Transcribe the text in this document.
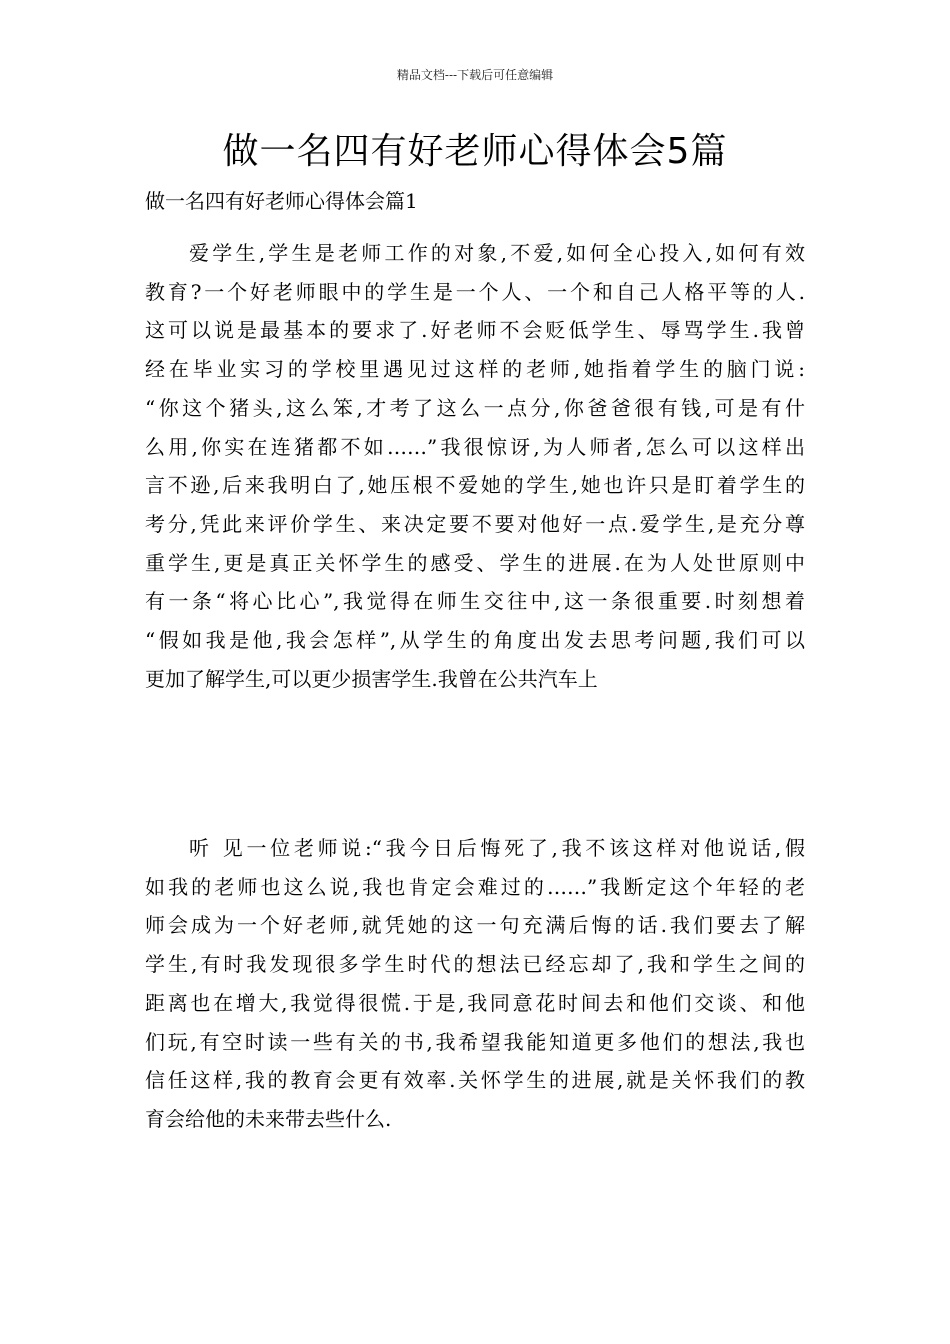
精品文档---下载后可任意编辑
做一名四有好老师心得体会5篇
做一名四有好老师心得体会篇1
爱学生,学生是老师工作的对象,不爱,如何全心投入,如何有效
教育?一个好老师眼中的学生是一个人、一个和自己人格平等的人.
这可以说是最基本的要求了.好老师不会贬低学生、辱骂学生.我曾
经在毕业实习的学校里遇见过这样的老师,她指着学生的脑门说:
“你这个猪头,这么笨,才考了这么一点分,你爸爸很有钱,可是有什
么用,你实在连猪都不如……”我很惊讶,为人师者,怎么可以这样出
言不逊,后来我明白了,她压根不爱她的学生,她也许只是盯着学生的
考分,凭此来评价学生、来决定要不要对他好一点.爱学生,是充分尊
重学生,更是真正关怀学生的感受、学生的进展.在为人处世原则中
有一条“将心比心”,我觉得在师生交往中,这一条很重要.时刻想着
“假如我是他,我会怎样”,从学生的角度出发去思考问题,我们可以
更加了解学生,可以更少损害学生.我曾在公共汽车上
听 见一位老师说:“我今日后悔死了,我不该这样对他说话,假
如我的老师也这么说,我也肯定会难过的……”我断定这个年轻的老
师会成为一个好老师,就凭她的这一句充满后悔的话.我们要去了解
学生,有时我发现很多学生时代的想法已经忘却了,我和学生之间的
距离也在增大,我觉得很慌.于是,我同意花时间去和他们交谈、和他
们玩,有空时读一些有关的书,我希望我能知道更多他们的想法,我也
信任这样,我的教育会更有效率.关怀学生的进展,就是关怀我们的教
育会给他的未来带去些什么.
